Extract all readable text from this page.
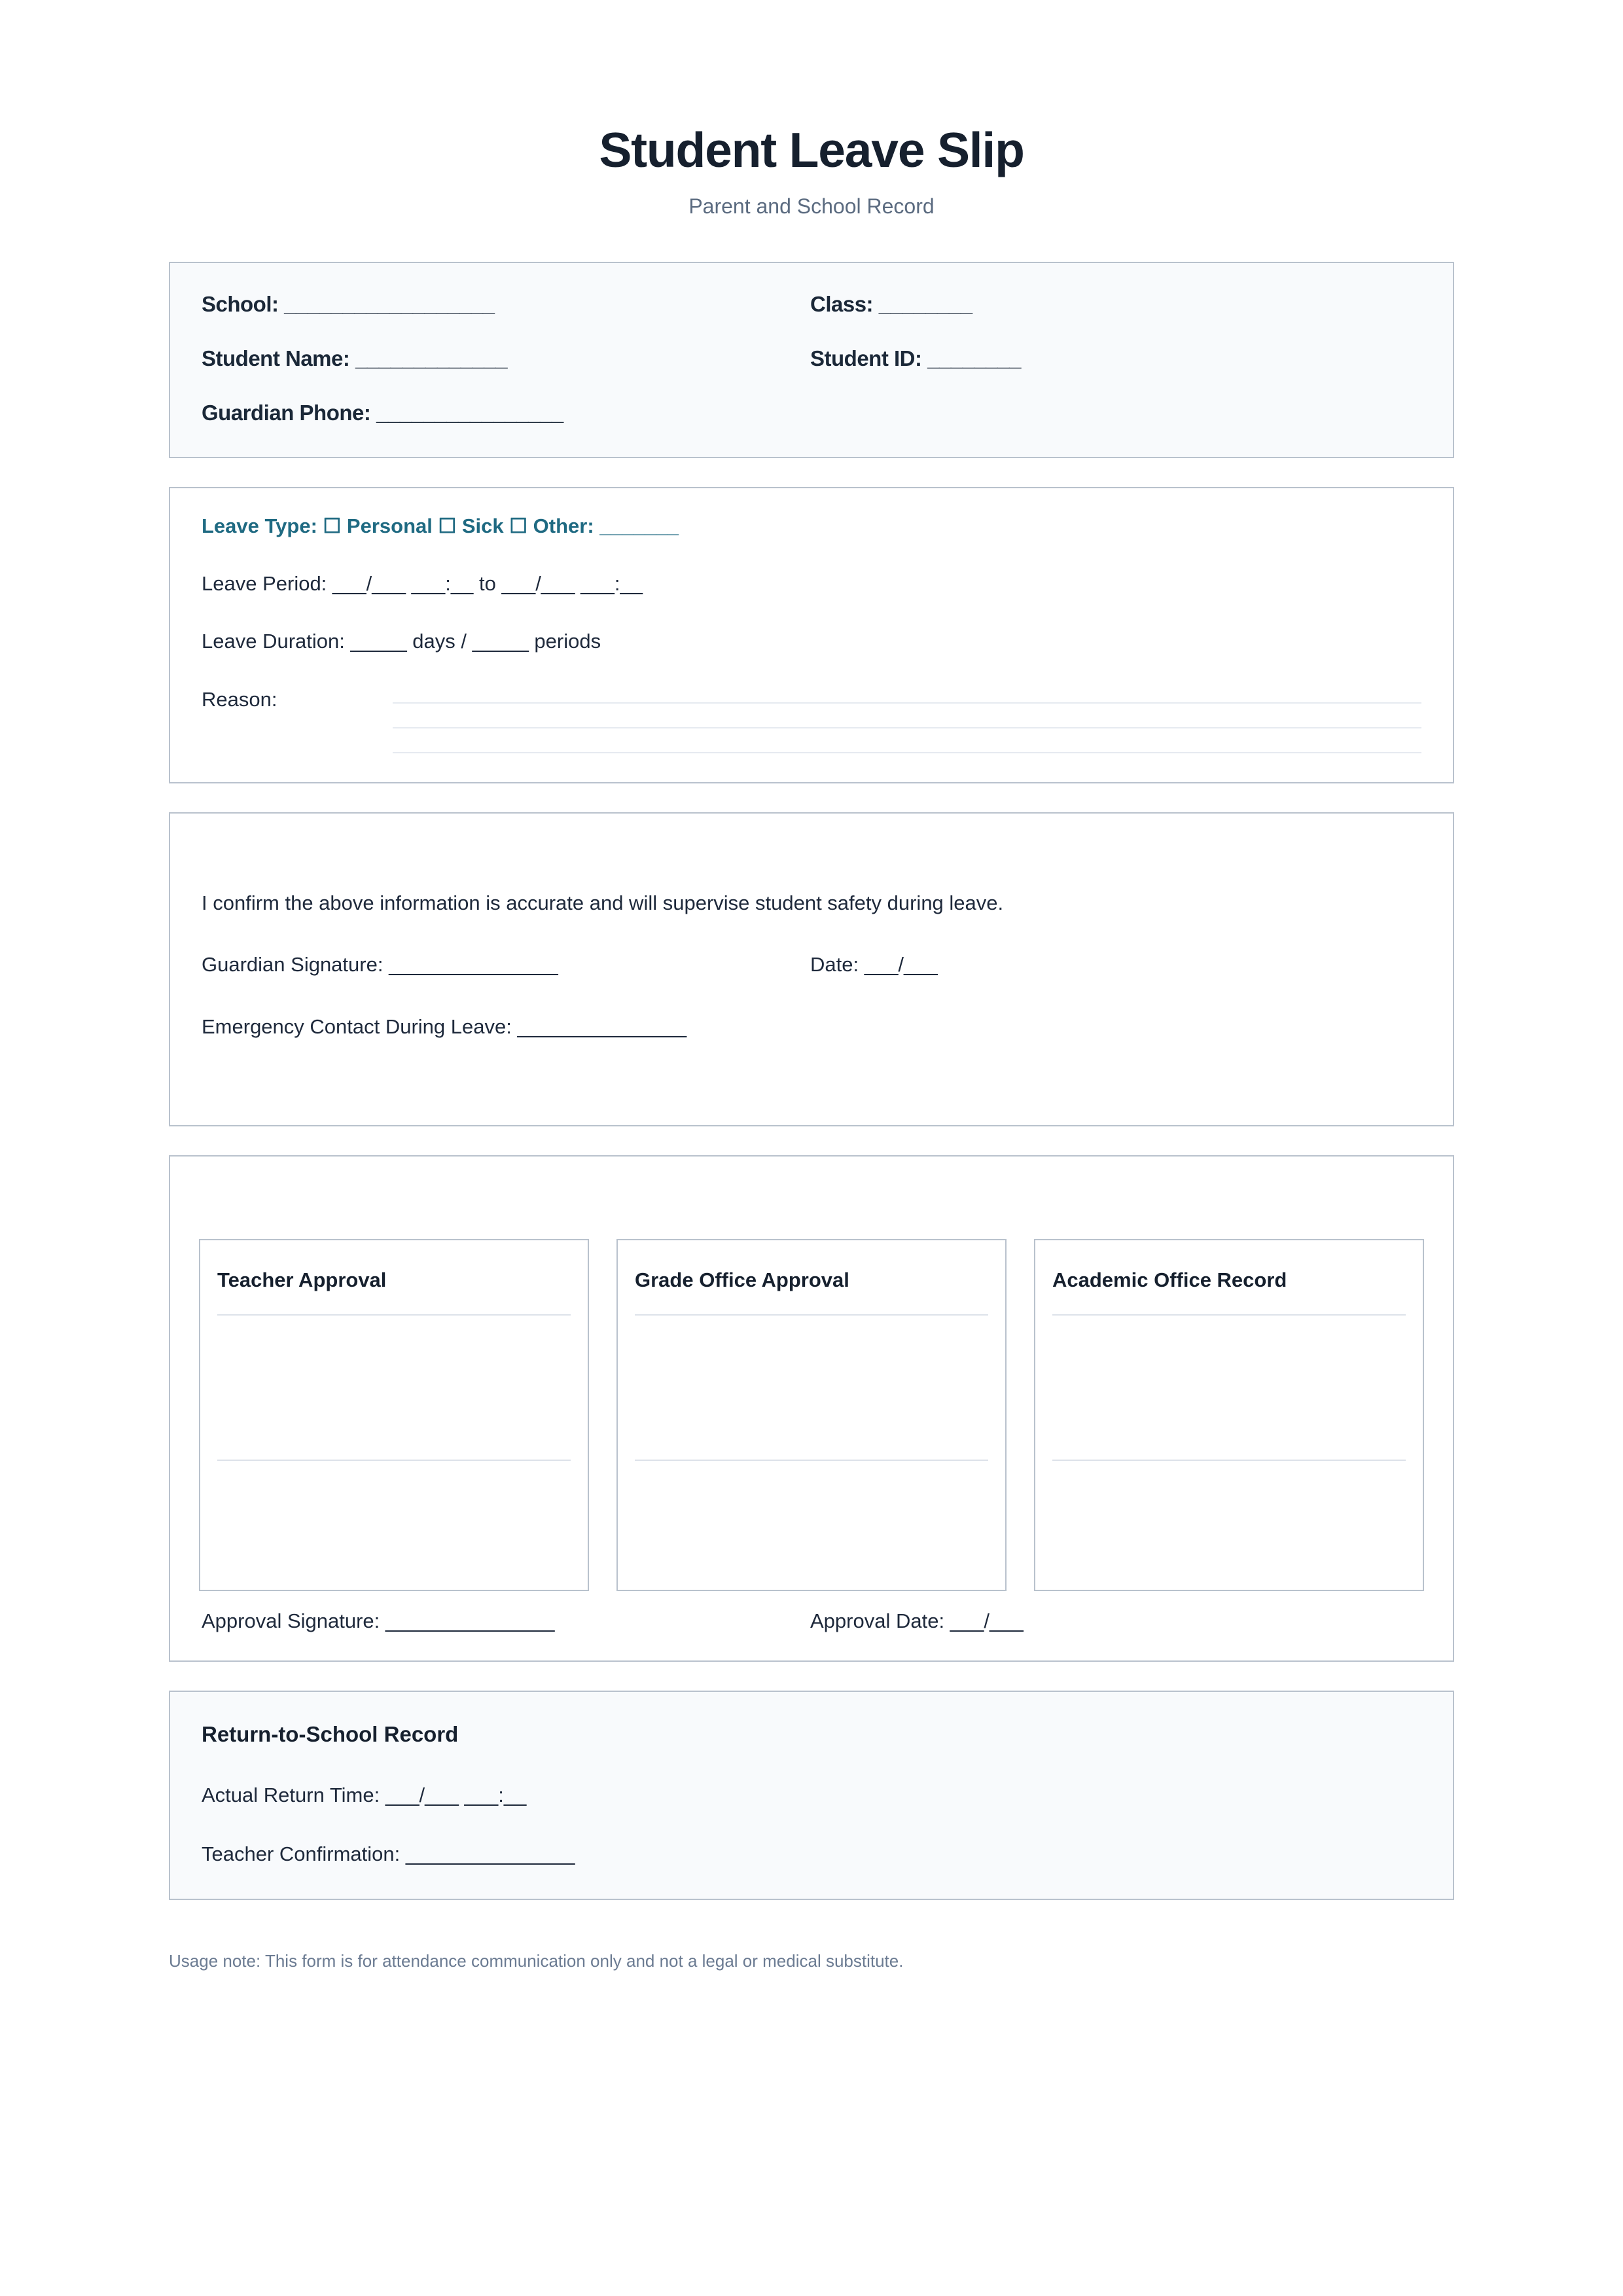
Student Leave Slip
Parent and School Record
School: __________________	Class: ________
Student Name: _____________	Student ID: ________
Guardian Phone: ________________
Leave Type: ☐ Personal ☐ Sick ☐ Other: _______
Leave Period: ___/___ ___:__ to ___/___ ___:__
Leave Duration: _____ days / _____ periods
Reason:
I confirm the above information is accurate and will supervise student safety during leave.
Guardian Signature: _______________	Date: ___/___
Emergency Contact During Leave: _______________
Teacher Approval	Grade Office Approval	Academic Office Record
Approval Signature: _______________	Approval Date: ___/___
Return-to-School Record
Actual Return Time: ___/___ ___:__
Teacher Confirmation: _______________
Usage note: This form is for attendance communication only and not a legal or medical substitute.
